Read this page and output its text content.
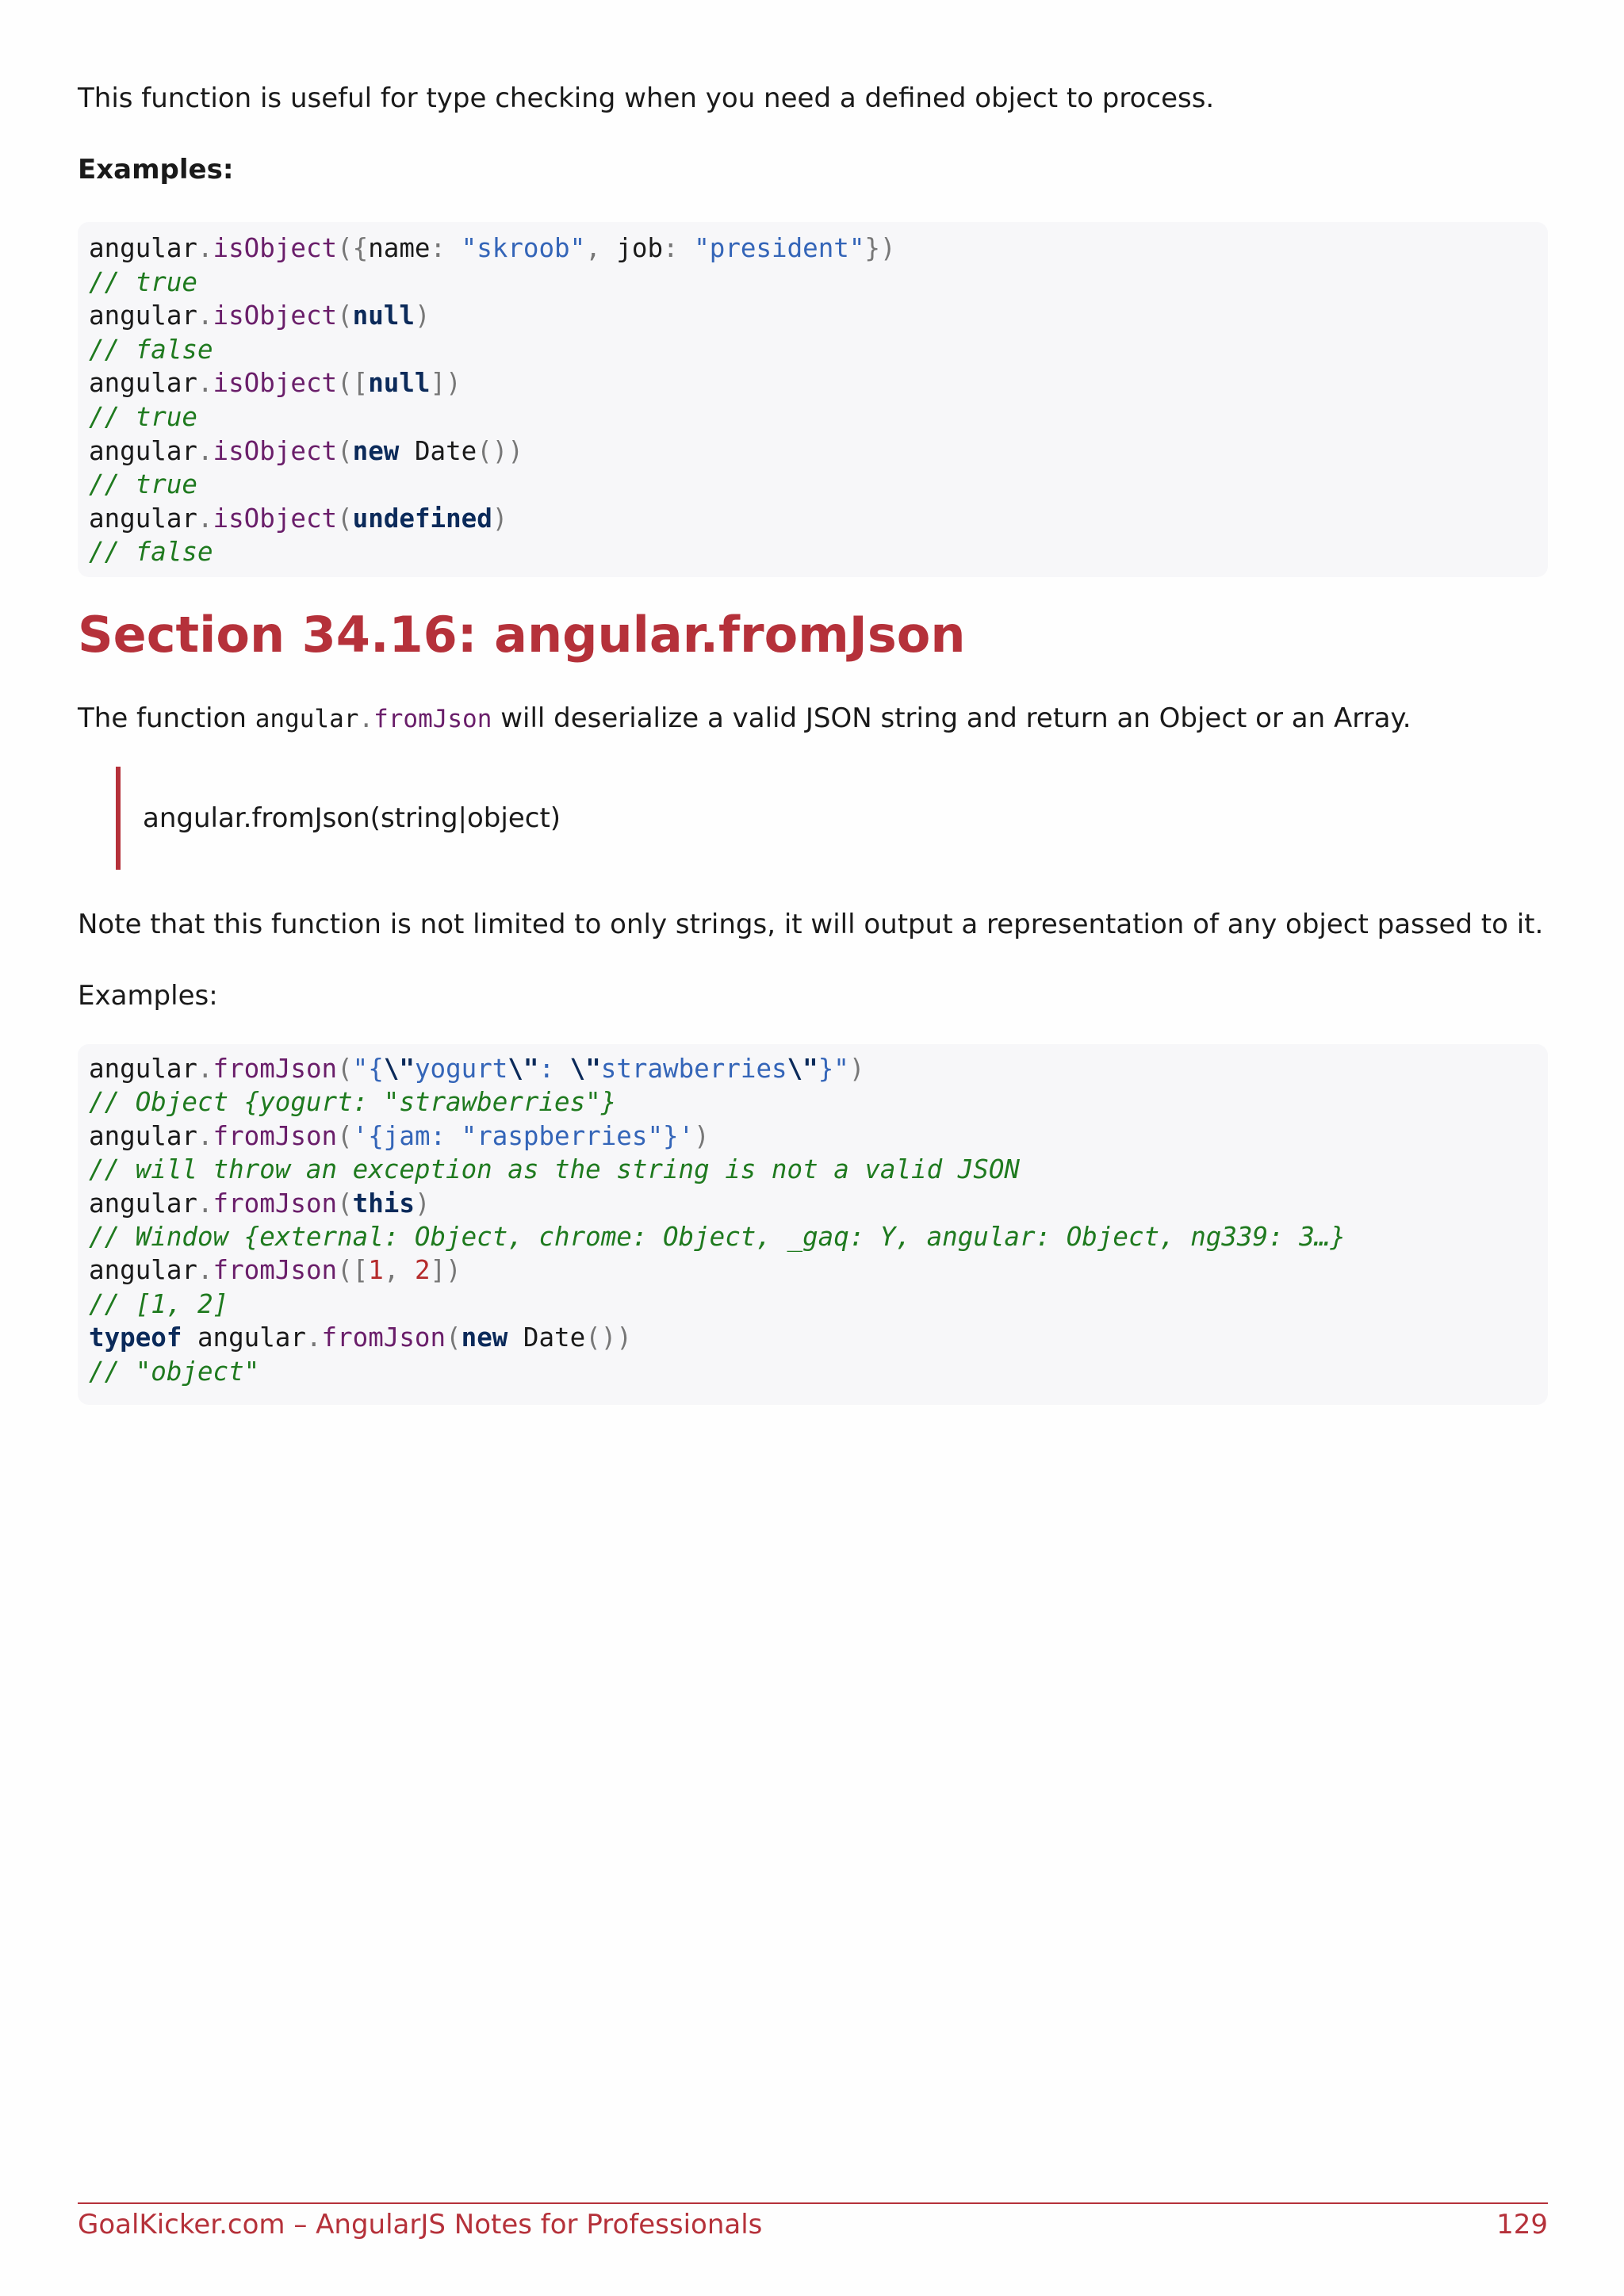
This function is useful for type checking when you need a defined object to process.

Examples:

angular.isObject({name: "skroob", job: "president"})
// true
angular.isObject(null)
// false
angular.isObject([null])
// true
angular.isObject(new Date())
// true
angular.isObject(undefined)
// false
Section 34.16: angular.fromJson

The function angular.fromJson will deserialize a valid JSON string and return an Object or an Array.

angular.fromJson(string|object)

Note that this function is not limited to only strings, it will output a representation of any object passed to it.

Examples:

angular.fromJson("{\"yogurt\": \"strawberries\"}")
// Object {yogurt: "strawberries"}
angular.fromJson('{jam: "raspberries"}')
// will throw an exception as the string is not a valid JSON
angular.fromJson(this)
// Window {external: Object, chrome: Object, _gaq: Y, angular: Object, ng339: 3…}
angular.fromJson([1, 2])
// [1, 2]
typeof angular.fromJson(new Date())
// "object"
GoalKicker.com – AngularJS Notes for Professionals	129
